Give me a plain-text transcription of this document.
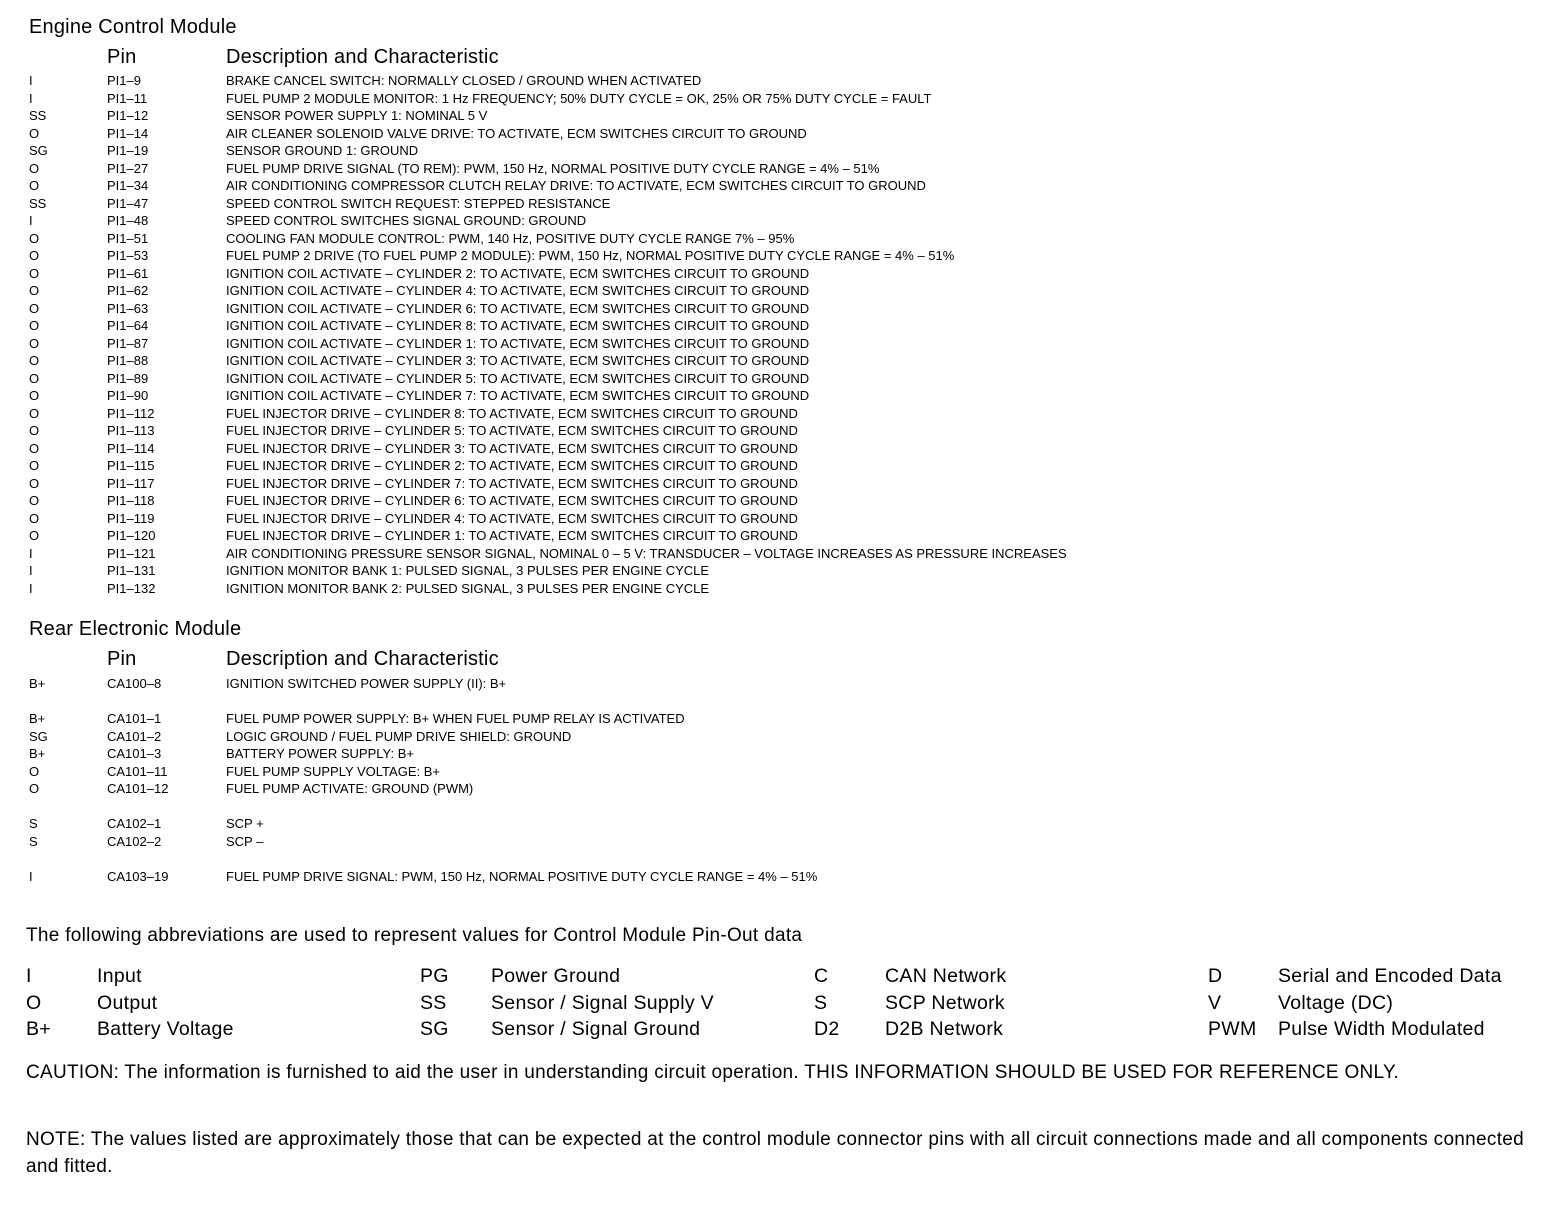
Engine Control Module
Pin	Description and Characteristic
I	PI1–9	BRAKE CANCEL SWITCH: NORMALLY CLOSED / GROUND WHEN ACTIVATED
I	PI1–11	FUEL PUMP 2 MODULE MONITOR: 1 Hz FREQUENCY; 50% DUTY CYCLE = OK, 25% OR 75% DUTY CYCLE = FAULT
SS	PI1–12	SENSOR POWER SUPPLY 1: NOMINAL 5 V
O	PI1–14	AIR CLEANER SOLENOID VALVE DRIVE: TO ACTIVATE, ECM SWITCHES CIRCUIT TO GROUND
SG	PI1–19	SENSOR GROUND 1: GROUND
O	PI1–27	FUEL PUMP DRIVE SIGNAL (TO REM): PWM, 150 Hz, NORMAL POSITIVE DUTY CYCLE RANGE = 4% – 51%
O	PI1–34	AIR CONDITIONING COMPRESSOR CLUTCH RELAY DRIVE: TO ACTIVATE, ECM SWITCHES CIRCUIT TO GROUND
SS	PI1–47	SPEED CONTROL SWITCH REQUEST: STEPPED RESISTANCE
I	PI1–48	SPEED CONTROL SWITCHES SIGNAL GROUND: GROUND
O	PI1–51	COOLING FAN MODULE CONTROL: PWM, 140 Hz, POSITIVE DUTY CYCLE RANGE 7% – 95%
O	PI1–53	FUEL PUMP 2 DRIVE (TO FUEL PUMP 2 MODULE): PWM, 150 Hz, NORMAL POSITIVE DUTY CYCLE RANGE = 4% – 51%
O	PI1–61	IGNITION COIL ACTIVATE – CYLINDER 2: TO ACTIVATE, ECM SWITCHES CIRCUIT TO GROUND
O	PI1–62	IGNITION COIL ACTIVATE – CYLINDER 4: TO ACTIVATE, ECM SWITCHES CIRCUIT TO GROUND
O	PI1–63	IGNITION COIL ACTIVATE – CYLINDER 6: TO ACTIVATE, ECM SWITCHES CIRCUIT TO GROUND
O	PI1–64	IGNITION COIL ACTIVATE – CYLINDER 8: TO ACTIVATE, ECM SWITCHES CIRCUIT TO GROUND
O	PI1–87	IGNITION COIL ACTIVATE – CYLINDER 1: TO ACTIVATE, ECM SWITCHES CIRCUIT TO GROUND
O	PI1–88	IGNITION COIL ACTIVATE – CYLINDER 3: TO ACTIVATE, ECM SWITCHES CIRCUIT TO GROUND
O	PI1–89	IGNITION COIL ACTIVATE – CYLINDER 5: TO ACTIVATE, ECM SWITCHES CIRCUIT TO GROUND
O	PI1–90	IGNITION COIL ACTIVATE – CYLINDER 7: TO ACTIVATE, ECM SWITCHES CIRCUIT TO GROUND
O	PI1–112	FUEL INJECTOR DRIVE – CYLINDER 8: TO ACTIVATE, ECM SWITCHES CIRCUIT TO GROUND
O	PI1–113	FUEL INJECTOR DRIVE – CYLINDER 5: TO ACTIVATE, ECM SWITCHES CIRCUIT TO GROUND
O	PI1–114	FUEL INJECTOR DRIVE – CYLINDER 3: TO ACTIVATE, ECM SWITCHES CIRCUIT TO GROUND
O	PI1–115	FUEL INJECTOR DRIVE – CYLINDER 2: TO ACTIVATE, ECM SWITCHES CIRCUIT TO GROUND
O	PI1–117	FUEL INJECTOR DRIVE – CYLINDER 7: TO ACTIVATE, ECM SWITCHES CIRCUIT TO GROUND
O	PI1–118	FUEL INJECTOR DRIVE – CYLINDER 6: TO ACTIVATE, ECM SWITCHES CIRCUIT TO GROUND
O	PI1–119	FUEL INJECTOR DRIVE – CYLINDER 4: TO ACTIVATE, ECM SWITCHES CIRCUIT TO GROUND
O	PI1–120	FUEL INJECTOR DRIVE – CYLINDER 1: TO ACTIVATE, ECM SWITCHES CIRCUIT TO GROUND
I	PI1–121	AIR CONDITIONING PRESSURE SENSOR SIGNAL, NOMINAL 0 – 5 V: TRANSDUCER – VOLTAGE INCREASES AS PRESSURE INCREASES
I	PI1–131	IGNITION MONITOR BANK 1: PULSED SIGNAL, 3 PULSES PER ENGINE CYCLE
I	PI1–132	IGNITION MONITOR BANK 2: PULSED SIGNAL, 3 PULSES PER ENGINE CYCLE
Rear Electronic Module
Pin	Description and Characteristic
B+	CA100–8	IGNITION SWITCHED POWER SUPPLY (II): B+
B+	CA101–1	FUEL PUMP POWER SUPPLY: B+ WHEN FUEL PUMP RELAY IS ACTIVATED
SG	CA101–2	LOGIC GROUND / FUEL PUMP DRIVE SHIELD: GROUND
B+	CA101–3	BATTERY POWER SUPPLY: B+
O	CA101–11	FUEL PUMP SUPPLY VOLTAGE: B+
O	CA101–12	FUEL PUMP ACTIVATE: GROUND (PWM)
S	CA102–1	SCP +
S	CA102–2	SCP –
I	CA103–19	FUEL PUMP DRIVE SIGNAL: PWM, 150 Hz, NORMAL POSITIVE DUTY CYCLE RANGE = 4% – 51%
The following abbreviations are used to represent values for Control Module Pin-Out data
I	Input	PG Power Ground	C	CAN Network	D	Serial and Encoded Data
O	Output	SS Sensor / Signal Supply V	S	SCP Network	V	Voltage (DC)
B+ Battery Voltage	SG Sensor / Signal Ground	D2 D2B Network	PWM Pulse Width Modulated
CAUTION: The information is furnished to aid the user in understanding circuit operation. THIS INFORMATION SHOULD BE USED FOR REFERENCE ONLY.
NOTE: The values listed are approximately those that can be expected at the control module connector pins with all circuit connections made and all components connected and fitted.
